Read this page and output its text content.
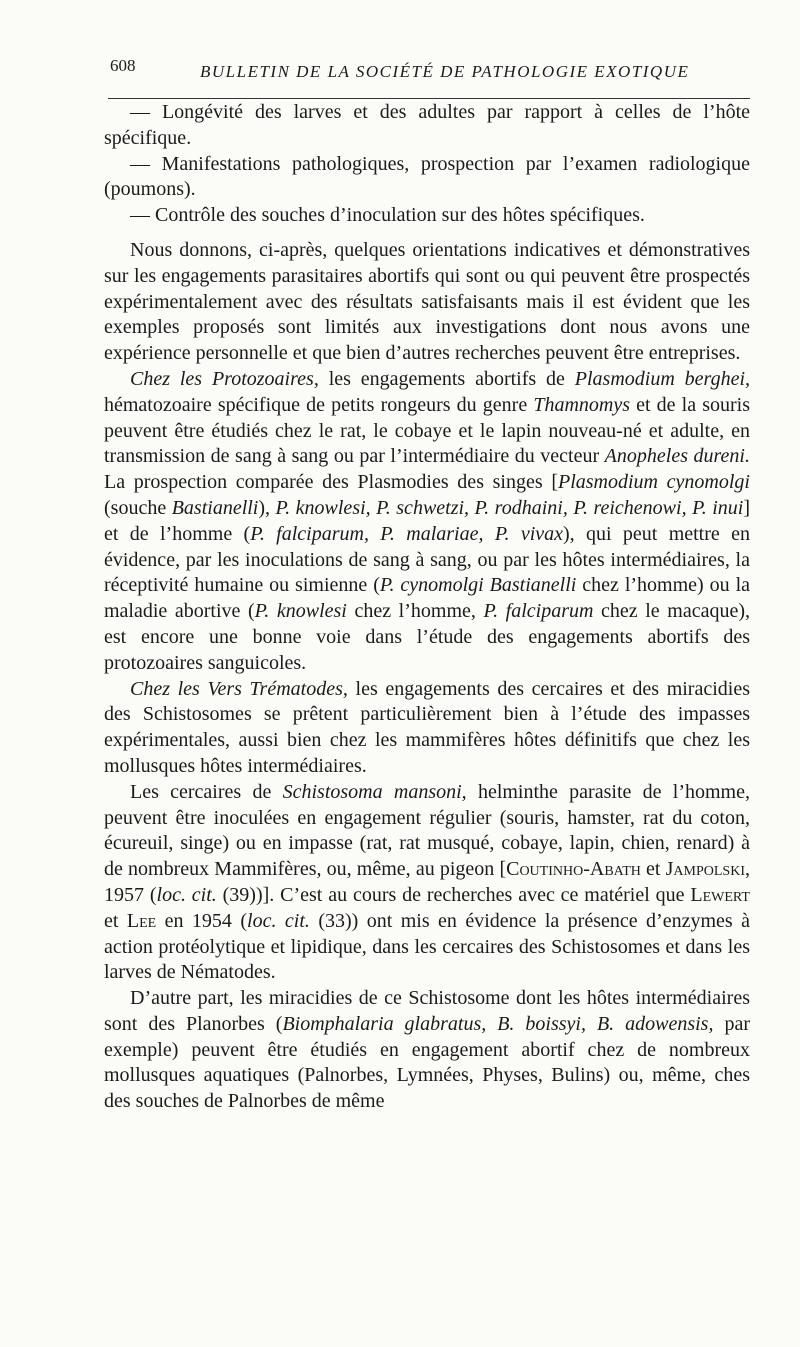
608	BULLETIN DE LA SOCIÉTÉ DE PATHOLOGIE EXOTIQUE

— Longévité des larves et des adultes par rapport à celles de l’hôte spécifique.

— Manifestations pathologiques, prospection par l’examen radiologique (poumons).

— Contrôle des souches d’inoculation sur des hôtes spécifiques.

Nous donnons, ci-après, quelques orientations indicatives et démonstratives sur les engagements parasitaires abortifs qui sont ou qui peuvent être prospectés expérimentalement avec des résultats satisfaisants mais il est évident que les exemples proposés sont limités aux investigations dont nous avons une expérience personnelle et que bien d’autres recherches peuvent être entreprises.

Chez les Protozoaires, les engagements abortifs de Plasmodium berghei, hématozoaire spécifique de petits rongeurs du genre Thamnomys et de la souris peuvent être étudiés chez le rat, le cobaye et le lapin nouveau-né et adulte, en transmission de sang à sang ou par l’intermédiaire du vecteur Anopheles dureni. La prospection comparée des Plasmodies des singes [Plasmodium cynomolgi (souche Bastianelli), P. knowlesi, P. schwetzi, P. rodhaini, P. reichenowi, P. inui] et de l’homme (P. falciparum, P. malariae, P. vivax), qui peut mettre en évidence, par les inoculations de sang à sang, ou par les hôtes intermédiaires, la réceptivité humaine ou simienne (P. cynomolgi Bastianelli chez l’homme) ou la maladie abortive (P. knowlesi chez l’homme, P. falciparum chez le macaque), est encore une bonne voie dans l’étude des engagements abortifs des protozoaires sanguicoles.

Chez les Vers Trématodes, les engagements des cercaires et des miracidies des Schistosomes se prêtent particulièrement bien à l’étude des impasses expérimentales, aussi bien chez les mammifères hôtes définitifs que chez les mollusques hôtes intermédiaires.

Les cercaires de Schistosoma mansoni, helminthe parasite de l’homme, peuvent être inoculées en engagement régulier (souris, hamster, rat du coton, écureuil, singe) ou en impasse (rat, rat musqué, cobaye, lapin, chien, renard) à de nombreux Mammifères, ou, même, au pigeon [Coutinho-Abath et Jampolski, 1957 (loc. cit. (39))]. C’est au cours de recherches avec ce matériel que Lewert et Lee en 1954 (loc. cit. (33)) ont mis en évidence la présence d’enzymes à action protéolytique et lipidique, dans les cercaires des Schistosomes et dans les larves de Nématodes.

D’autre part, les miracidies de ce Schistosome dont les hôtes intermédiaires sont des Planorbes (Biomphalaria glabratus, B. boissyi, B. adowensis, par exemple) peuvent être étudiés en engagement abortif chez de nombreux mollusques aquatiques (Palnorbes, Lymnées, Physes, Bulins) ou, même, ches des souches de Palnorbes de même
